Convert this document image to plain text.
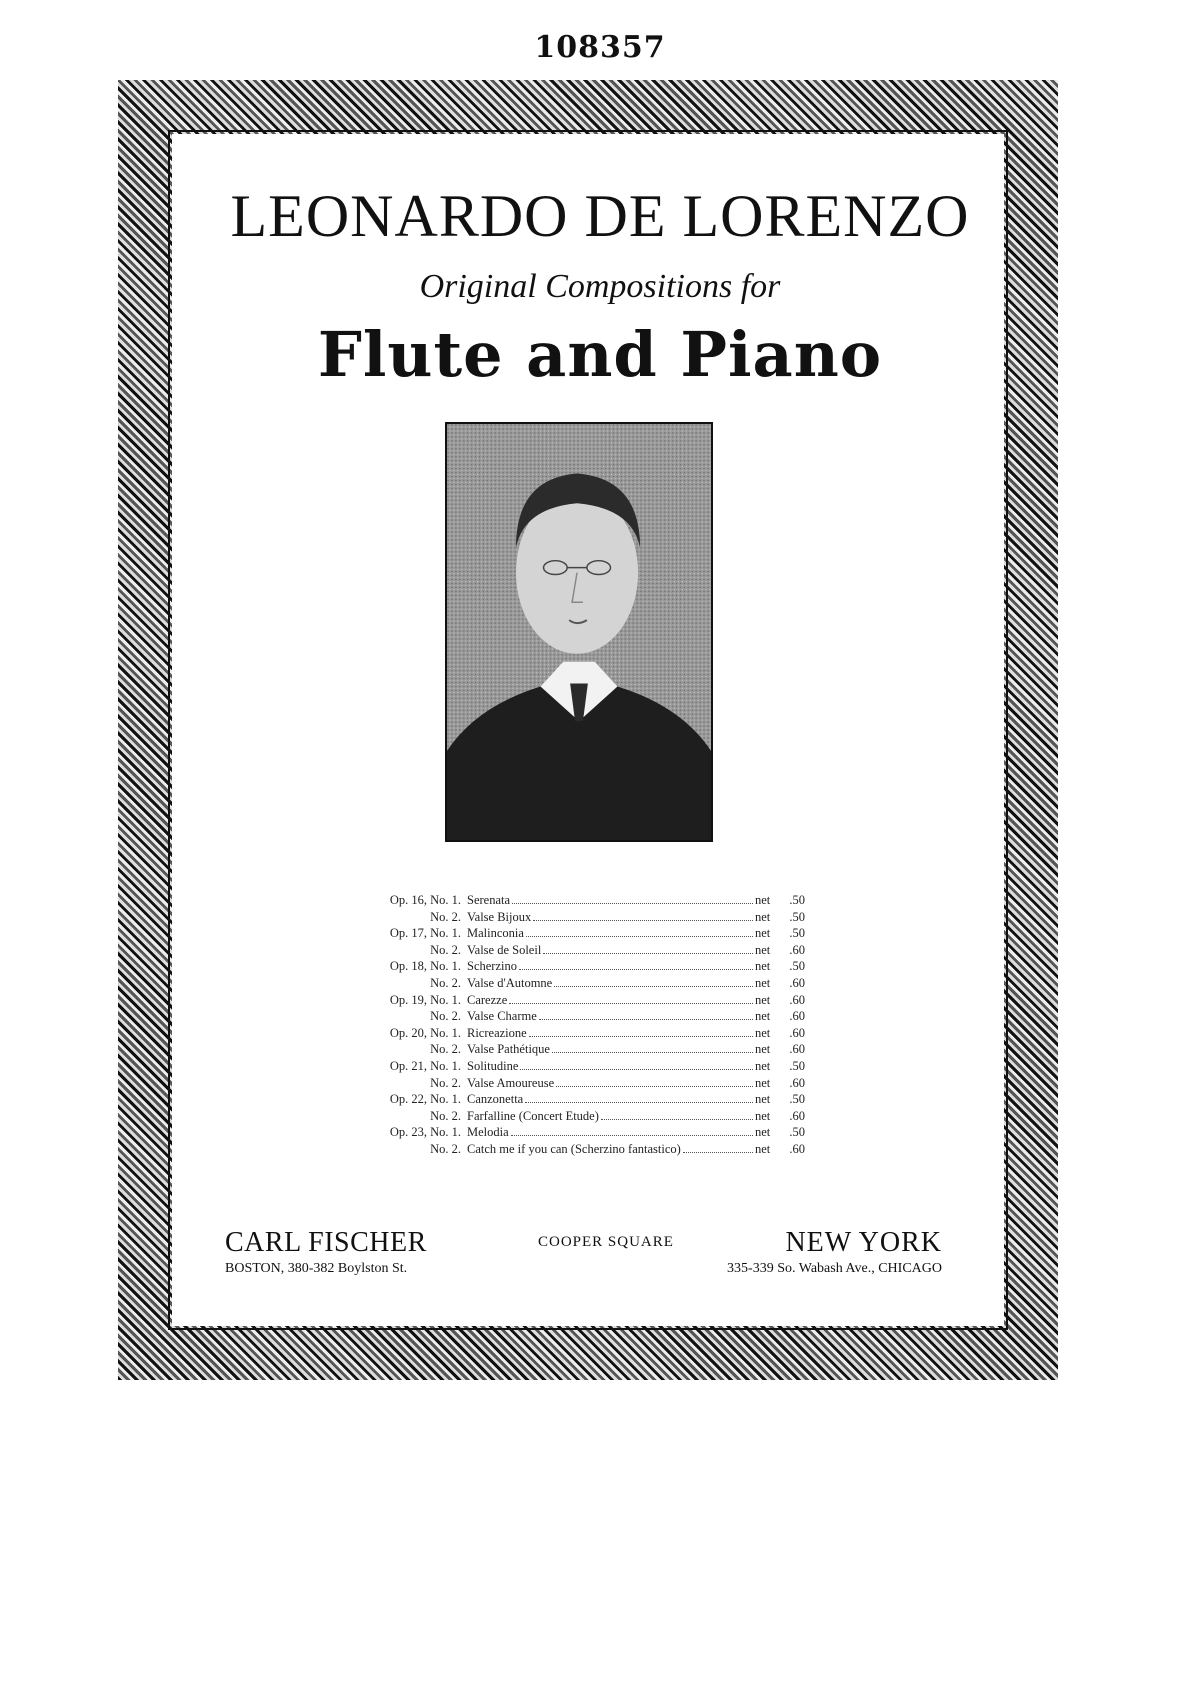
108357
LEONARDO DE LORENZO
Original Compositions for
Flute and Piano
Op. 16, No. 1. Serenata	net	.50
No. 2. Valse Bijoux	net	.50
Op. 17, No. 1. Malinconia	net	.50
No. 2. Valse de Soleil	net	.60
Op. 18, No. 1. Scherzino	net	.50
No. 2. Valse d'Automne	net	.60
Op. 19, No. 1. Carezze	net	.60
No. 2. Valse Charme	net	.60
Op. 20, No. 1. Ricreazione	net	.60
No. 2. Valse Pathétique	net	.60
Op. 21, No. 1. Solitudine	net	.50
No. 2. Valse Amoureuse	net	.60
Op. 22, No. 1. Canzonetta	net	.50
No. 2. Farfalline (Concert Etude)	net	.60
Op. 23, No. 1. Melodia	net	.50
No. 2. Catch me if you can (Scherzino fantastico)	net	.60
CARL FISCHER
BOSTON, 380-382 Boylston St.
COOPER SQUARE	NEW YORK
335-339 So. Wabash Ave., CHICAGO
